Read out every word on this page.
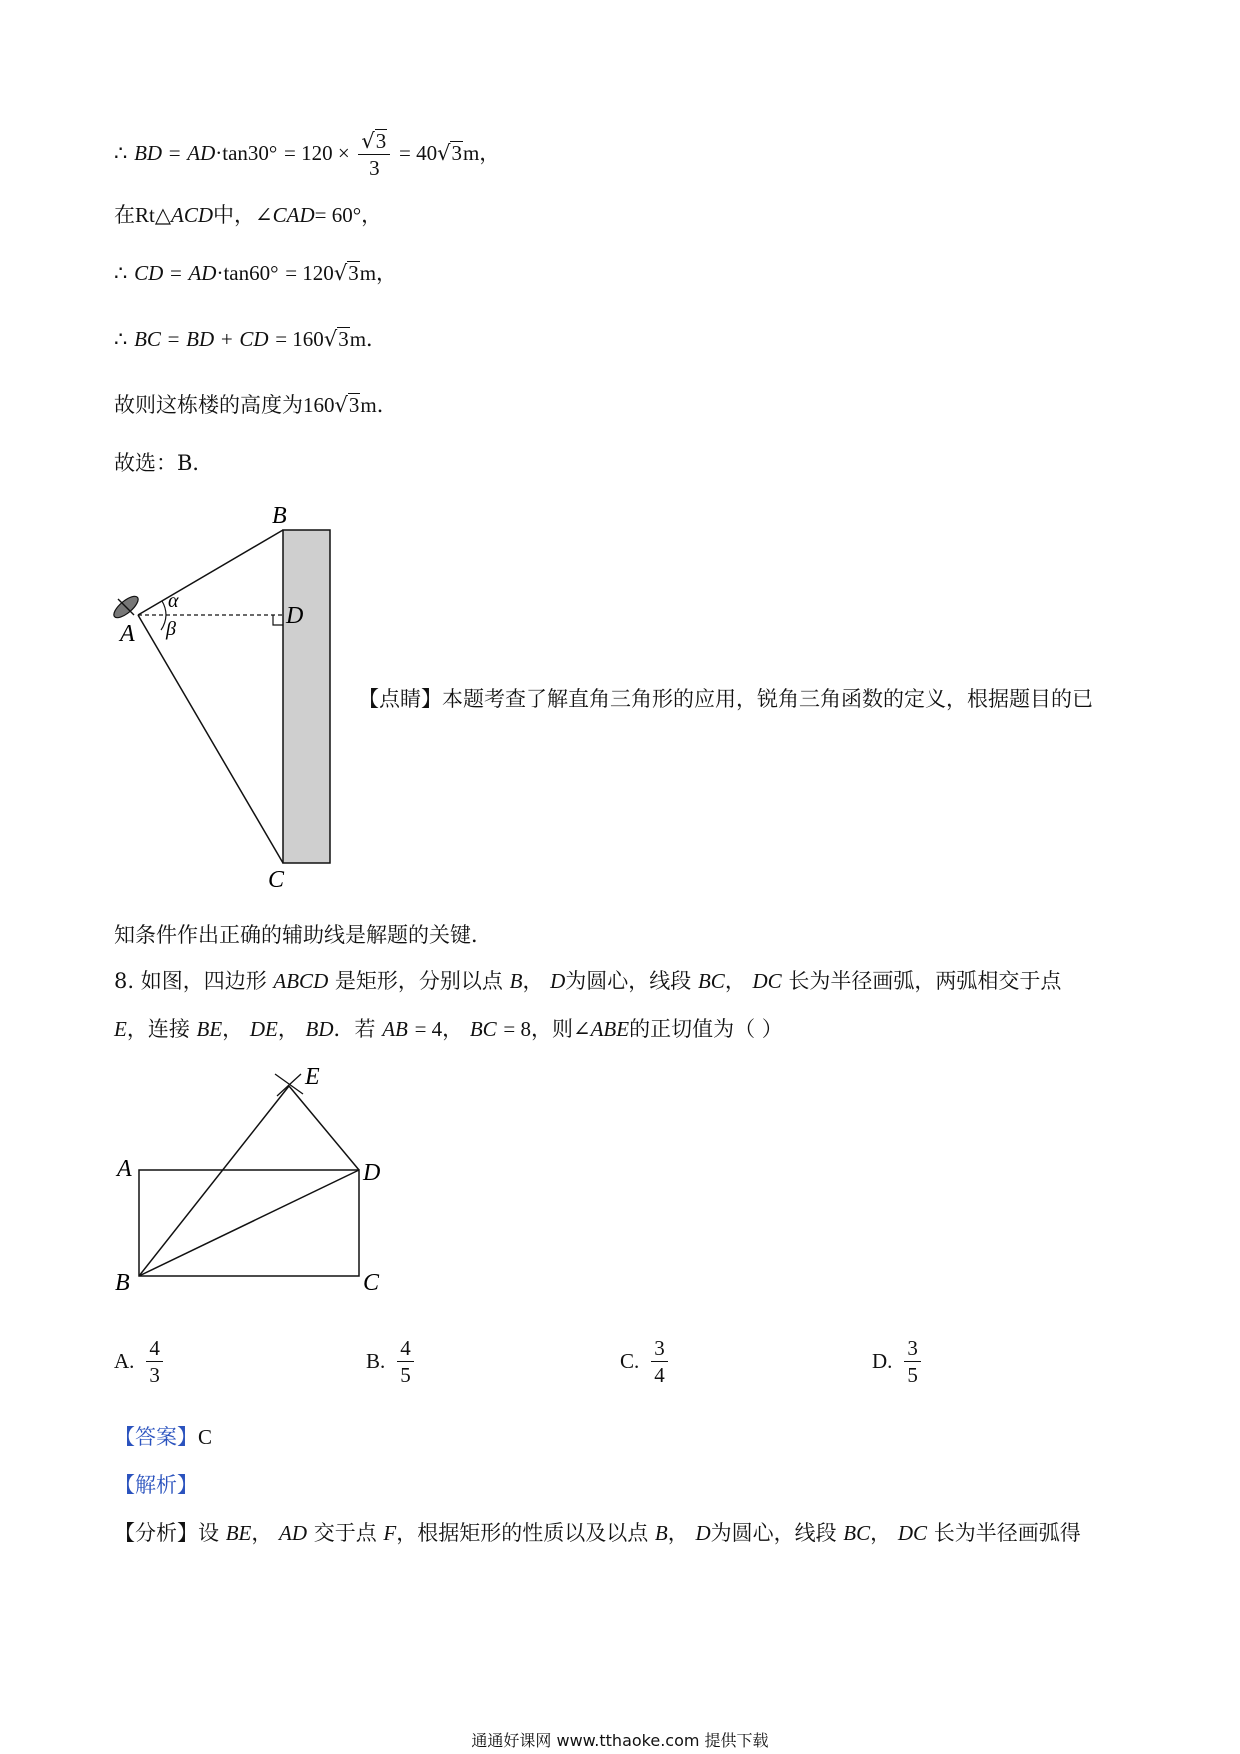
∴ BD = $AD\cdot\tan 30^\circ = 120 \times \frac{√3}{3} = 40√3m$，
在Rt△ACD中，∠CAD= 60°，
∴ CD = AD·tan60° = 120√3m，
∴ BC = BD + CD = 160√3m．
故则这栋楼的高度为160√3m．
故选：B．
B
D
A
C
α
β
【点睛】本题考查了解直角三角形的应用，锐角三角函数的定义，根据题目的已
知条件作出正确的辅助线是解题的关键．
8. 如图，四边形 ABCD 是矩形，分别以点 B， D为圆心，线段 BC， DC 长为半径画弧，两弧相交于点
E，连接 BE， DE， BD．若 AB = 4， BC = 8，则∠ABE的正切值为（ ）
E
A	D
B	C
A. $\frac{4}{3}$	B. $\frac{4}{5}$	C. $\frac{3}{4}$	D. $\frac{3}{5}$
【答案】C
【解析】
【分析】设 BE， AD 交于点 F，根据矩形的性质以及以点 B， D为圆心，线段 BC， DC 长为半径画弧得
通通好课网 www.tthaoke.com 提供下载
